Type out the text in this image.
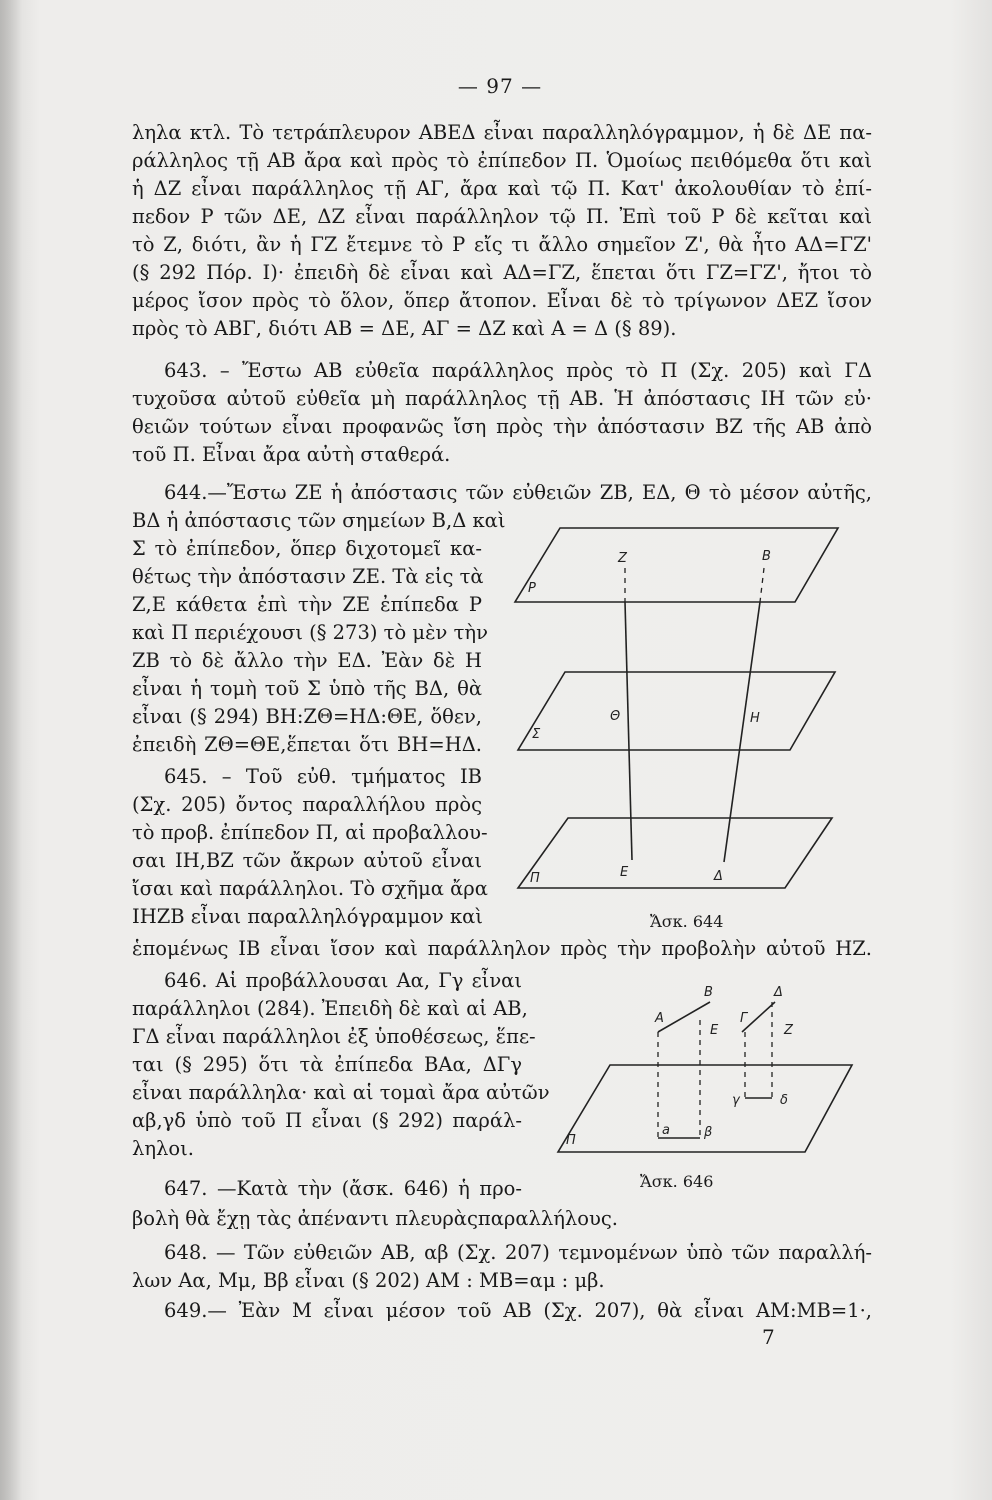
— 97 —
ληλα κτλ. Τὸ τετράπλευρον ΑΒΕΔ εἶναι παραλληλόγραμμον, ἡ δὲ ΔΕ πα-
ράλληλος τῇ ΑΒ ἄρα καὶ πρὸς τὸ ἐπίπεδον Π. Ὁμοίως πειθόμεθα ὅτι καὶ
ἡ ΔΖ εἶναι παράλληλος τῇ ΑΓ, ἄρα καὶ τῷ Π. Κατ' ἀκολουθίαν τὸ ἐπί-
πεδον Ρ τῶν ΔΕ, ΔΖ εἶναι παράλληλον τῷ Π. Ἐπὶ τοῦ Ρ δὲ κεῖται καὶ
τὸ Ζ, διότι, ἂν ἡ ΓΖ ἔτεμνε τὸ Ρ εἴς τι ἄλλο σημεῖον Ζ', θὰ ἦτο ΑΔ=ΓΖ'
(§ 292 Πόρ. Ι)· ἐπειδὴ δὲ εἶναι καὶ ΑΔ=ΓΖ, ἕπεται ὅτι ΓΖ=ΓΖ', ἤτοι τὸ
μέρος ἴσον πρὸς τὸ ὅλον, ὅπερ ἄτοπον. Εἶναι δὲ τὸ τρίγωνον ΔΕΖ ἴσον
πρὸς τὸ ΑΒΓ, διότι ΑΒ = ΔΕ, ΑΓ = ΔΖ καὶ Α = Δ (§ 89).
643. – Ἔστω ΑΒ εὐθεῖα παράλληλος πρὸς τὸ Π (Σχ. 205) καὶ ΓΔ
τυχοῦσα αὐτοῦ εὐθεῖα μὴ παράλληλος τῇ ΑΒ. Ἡ ἀπόστασις ΙΗ τῶν εὐ·
θειῶν τούτων εἶναι προφανῶς ἴση πρὸς τὴν ἀπόστασιν ΒΖ τῆς ΑΒ ἀπὸ
τοῦ Π. Εἶναι ἄρα αὐτὴ σταθερά.
644.—Ἔστω ΖΕ ἡ ἀπόστασις τῶν εὐθειῶν ΖΒ, ΕΔ, Θ τὸ μέσον αὐτῆς,
ΒΔ ἡ ἀπόστασις τῶν σημείων Β,Δ καὶ
Σ τὸ ἐπίπεδον, ὅπερ διχοτομεῖ κα-
θέτως τὴν ἀπόστασιν ΖΕ. Τὰ εἰς τὰ
Ζ,Ε κάθετα ἐπὶ τὴν ΖΕ ἐπίπεδα Ρ
καὶ Π περιέχουσι (§ 273) τὸ μὲν τὴν
ΖΒ τὸ δὲ ἄλλο τὴν ΕΔ. Ἐὰν δὲ Η
εἶναι ἡ τομὴ τοῦ Σ ὑπὸ τῆς ΒΔ, θὰ
εἶναι (§ 294) ΒΗ:ΖΘ=ΗΔ:ΘΕ, ὅθεν,
ἐπειδὴ ΖΘ=ΘΕ,ἕπεται ὅτι ΒΗ=ΗΔ.
645. – Τοῦ εὐθ. τμήματος ΙΒ
(Σχ. 205) ὄντος παραλλήλου πρὸς
τὸ προβ. ἐπίπεδον Π, αἱ προβαλλου-
σαι ΙΗ,ΒΖ τῶν ἄκρων αὐτοῦ εἶναι
ἴσαι καὶ παράλληλοι. Τὸ σχῆμα ἄρα
ΙΗΖΒ εἶναι παραλληλόγραμμον καὶ
ἑπομένως ΙΒ εἶναι ἴσον καὶ παράλληλον πρὸς τὴν προβολὴν αὐτοῦ ΗΖ.
646. Αἱ προβάλλουσαι Αα, Γγ εἶναι
παράλληλοι (284). Ἐπειδὴ δὲ καὶ αἱ ΑΒ,
ΓΔ εἶναι παράλληλοι ἐξ ὑποθέσεως, ἕπε-
ται (§ 295) ὅτι τὰ ἐπίπεδα ΒΑα, ΔΓγ
εἶναι παράλληλα· καὶ αἱ τομαὶ ἄρα αὐτῶν
αβ,γδ ὑπὸ τοῦ Π εἶναι (§ 292) παράλ-
ληλοι.
647. —Κατὰ τὴν (ἄσκ. 646) ἡ προ-
βολὴ θὰ ἔχῃ τὰς ἀπέναντι πλευρὰςπαραλλήλους.
648. — Τῶν εὐθειῶν ΑΒ, αβ (Σχ. 207) τεμνομένων ὑπὸ τῶν παραλλή-
λων Αα, Μμ, Ββ εἶναι (§ 202) ΑΜ : ΜΒ=αμ : μβ.
649.— Ἐὰν Μ εἶναι μέσον τοῦ ΑΒ (Σχ. 207), θὰ εἶναι ΑΜ:ΜΒ=1·,
7
Z	B
P
Θ	H
Σ
Π	E	Δ
Ἄσκ. 644
A
B
Γ
Δ
E	Z
γ	δ
Π
a	β
Ἄσκ. 646
